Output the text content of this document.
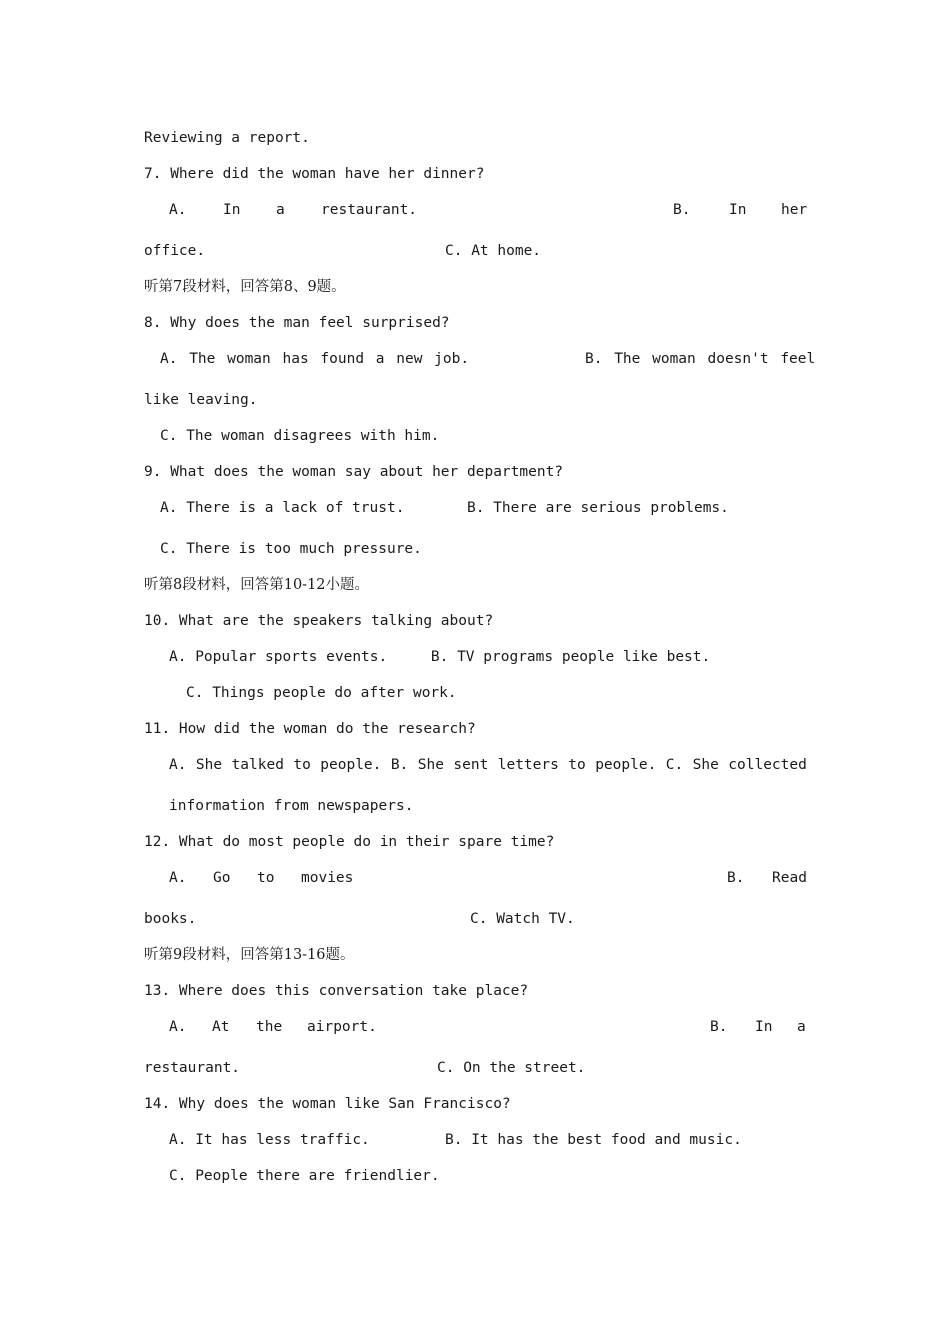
Reviewing a report.
7. Where did the woman have her dinner?
A.	In a	restaurant.	B.	In her
office.	C. At home.
听第7段材料，回答第8、9题。
8. Why does the man feel surprised?
A. The woman has found a new job.	B. The woman doesn't feel
like leaving.
C. The woman disagrees with him.
9. What does the woman say about her department?
A. There is a lack of trust.	B. There are serious problems.
C. There is too much pressure.
听第8段材料，回答第10-12小题。
10. What are the speakers talking about?
A. Popular sports events.     B. TV programs people like best.
C. Things people do after work.
11. How did the woman do the research?
A. She talked to people. B. She sent letters to people. C. She collected
information from newspapers.
12. What do most people do in their spare time?
A. Go to movies	B. Read
books.	C. Watch TV.
听第9段材料，回答第13-16题。
13. Where does this conversation take place?
A. At the airport.	B. In a
restaurant.	C. On the street.
14. Why does the woman like San Francisco?
A. It has less traffic.	B. It has the best food and music.
C. People there are friendlier.
